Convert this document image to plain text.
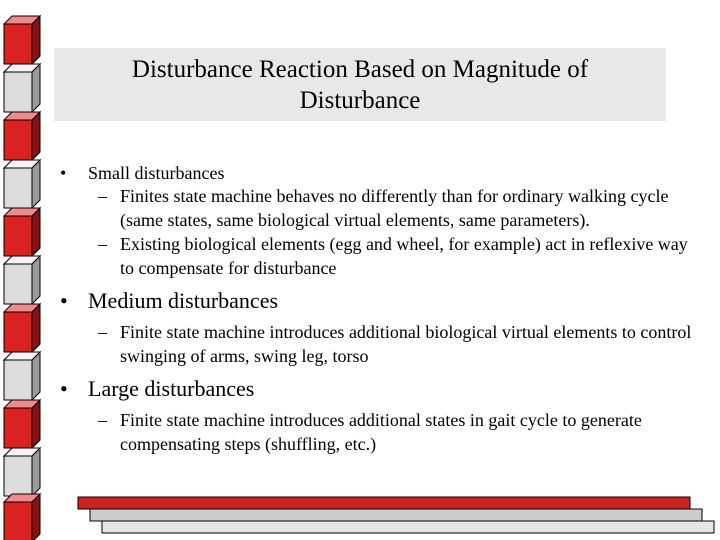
Disturbance Reaction Based on Magnitude of Disturbance
• Small disturbances
– Finites state machine behaves no differently than for ordinary walking cycle (same states, same biological virtual elements, same parameters).
– Existing biological elements (egg and wheel, for example) act in reflexive way to compensate for disturbance
• Medium disturbances
– Finite state machine introduces additional biological virtual elements to control swinging of arms, swing leg, torso
• Large disturbances
– Finite state machine introduces additional states in gait cycle to generate compensating steps (shuffling, etc.)
